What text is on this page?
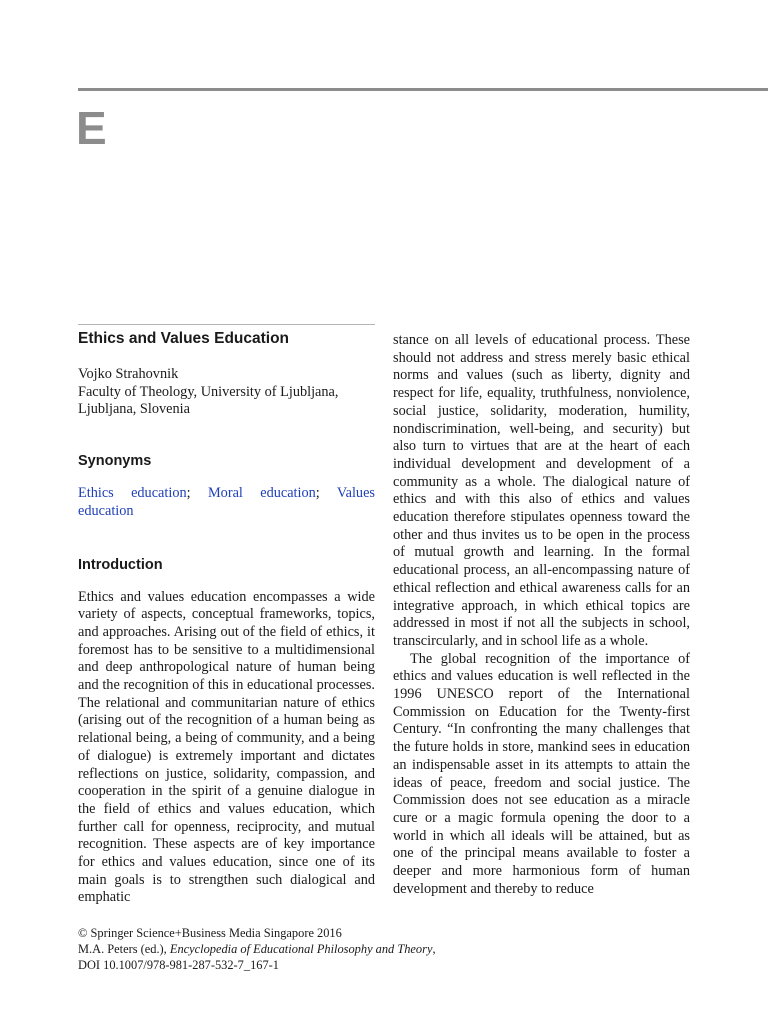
E
Ethics and Values Education
Vojko Strahovnik
Faculty of Theology, University of Ljubljana,
Ljubljana, Slovenia
Synonyms
Ethics education; Moral education; Values education
Introduction

Ethics and values education encompasses a wide variety of aspects, conceptual frameworks, topics, and approaches. Arising out of the field of ethics, it foremost has to be sensitive to a multidimensional and deep anthropological nature of human being and the recognition of this in educational processes. The relational and communitarian nature of ethics (arising out of the recognition of a human being as relational being, a being of community, and a being of dialogue) is extremely important and dictates reflections on justice, solidarity, compassion, and cooperation in the spirit of a genuine dialogue in the field of ethics and values education, which further call for openness, reciprocity, and mutual recognition. These aspects are of key importance for ethics and values education, since one of its main goals is to strengthen such dialogical and emphatic

stance on all levels of educational process. These should not address and stress merely basic ethical norms and values (such as liberty, dignity and respect for life, equality, truthfulness, nonviolence, social justice, solidarity, moderation, humility, nondiscrimination, well-being, and security) but also turn to virtues that are at the heart of each individual development and development of a community as a whole. The dialogical nature of ethics and with this also of ethics and values education therefore stipulates openness toward the other and thus invites us to be open in the process of mutual growth and learning. In the formal educational process, an all-encompassing nature of ethical reflection and ethical awareness calls for an integrative approach, in which ethical topics are addressed in most if not all the subjects in school, transcircularly, and in school life as a whole.

The global recognition of the importance of ethics and values education is well reflected in the 1996 UNESCO report of the International Commission on Education for the Twenty-first Century. “In confronting the many challenges that the future holds in store, mankind sees in education an indispensable asset in its attempts to attain the ideas of peace, freedom and social justice. The Commission does not see education as a miracle cure or a magic formula opening the door to a world in which all ideals will be attained, but as one of the principal means available to foster a deeper and more harmonious form of human development and thereby to reduce

© Springer Science+Business Media Singapore 2016
M.A. Peters (ed.), Encyclopedia of Educational Philosophy and Theory,
DOI 10.1007/978-981-287-532-7_167-1
